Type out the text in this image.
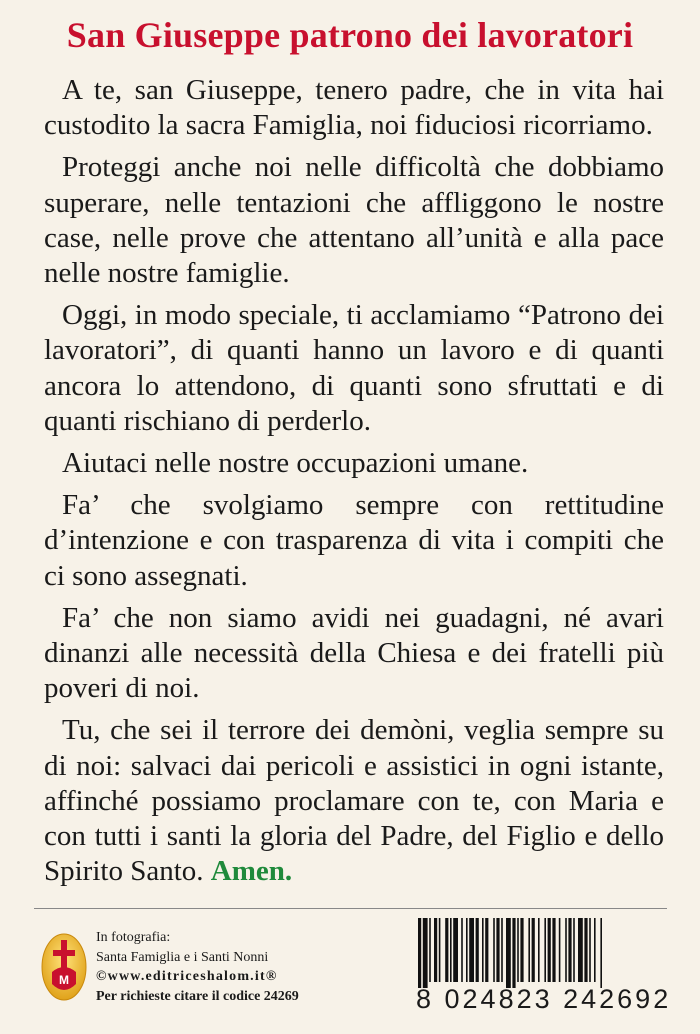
San Giuseppe patrono dei lavoratori

A te, san Giuseppe, tenero padre, che in vita hai custodito la sacra Famiglia, noi fiduciosi ricorriamo.

Proteggi anche noi nelle difficoltà che dobbiamo superare, nelle tentazioni che affliggono le nostre case, nelle prove che attentano all’unità e alla pace nelle nostre famiglie.

Oggi, in modo speciale, ti acclamiamo “Patrono dei lavoratori”, di quanti hanno un lavoro e di quanti ancora lo attendono, di quanti sono sfruttati e di quanti rischiano di perderlo.

Aiutaci nelle nostre occupazioni umane.

Fa’ che svolgiamo sempre con rettitudine d’intenzione e con trasparenza di vita i compiti che ci sono assegnati.

Fa’ che non siamo avidi nei guadagni, né avari dinanzi alle necessità della Chiesa e dei fratelli più poveri di noi.

Tu, che sei il terrore dei demòni, veglia sempre su di noi: salvaci dai pericoli e assistici in ogni istante, affinché possiamo proclamare con te, con Maria e con tutti i santi la gloria del Padre, del Figlio e dello Spirito Santo. Amen.

M
In fotografia:
Santa Famiglia e i Santi Nonni
©www.editriceshalom.it®
Per richieste citare il codice 24269	8 024823 242692
